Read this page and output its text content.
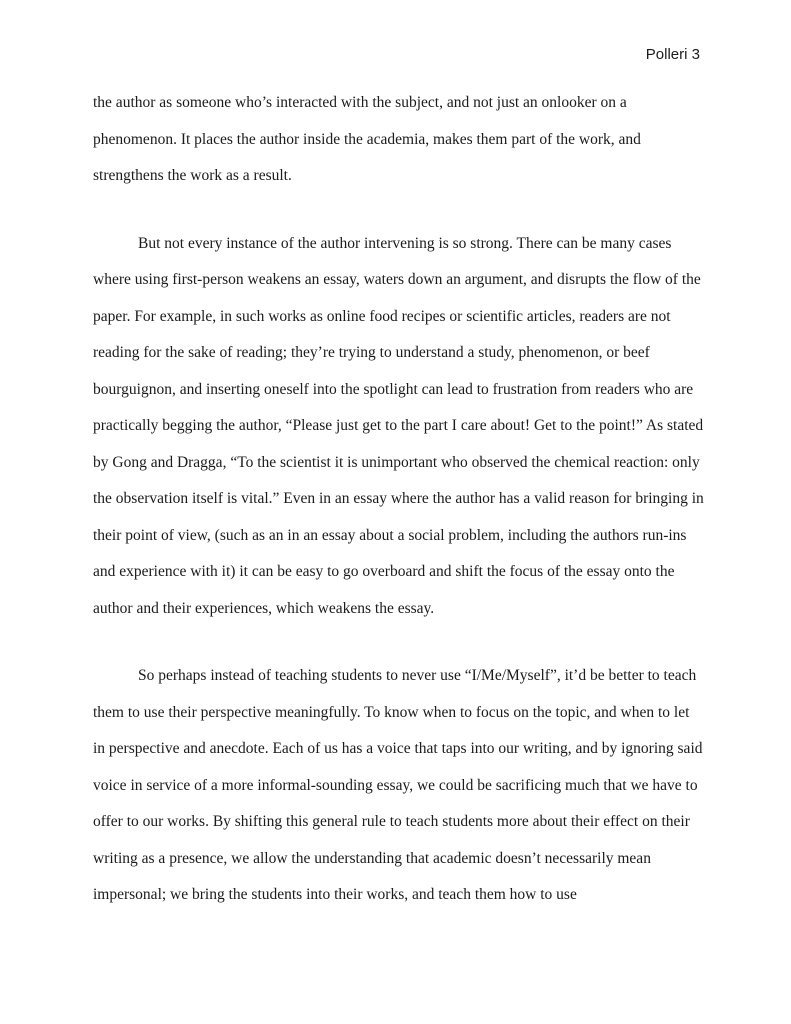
Polleri 3

the author as someone who’s interacted with the subject, and not just an onlooker on a phenomenon. It places the author inside the academia, makes them part of the work, and strengthens the work as a result.

But not every instance of the author intervening is so strong. There can be many cases where using first-person weakens an essay, waters down an argument, and disrupts the flow of the paper. For example, in such works as online food recipes or scientific articles, readers are not reading for the sake of reading; they’re trying to understand a study, phenomenon, or beef bourguignon, and inserting oneself into the spotlight can lead to frustration from readers who are practically begging the author, “Please just get to the part I care about! Get to the point!” As stated by Gong and Dragga, “To the scientist it is unimportant who observed the chemical reaction: only the observation itself is vital.” Even in an essay where the author has a valid reason for bringing in their point of view, (such as an in an essay about a social problem, including the authors run-ins and experience with it) it can be easy to go overboard and shift the focus of the essay onto the author and their experiences, which weakens the essay.

So perhaps instead of teaching students to never use “I/Me/Myself”, it’d be better to teach them to use their perspective meaningfully. To know when to focus on the topic, and when to let in perspective and anecdote. Each of us has a voice that taps into our writing, and by ignoring said voice in service of a more informal-sounding essay, we could be sacrificing much that we have to offer to our works. By shifting this general rule to teach students more about their effect on their writing as a presence, we allow the understanding that academic doesn’t necessarily mean impersonal; we bring the students into their works, and teach them how to use
